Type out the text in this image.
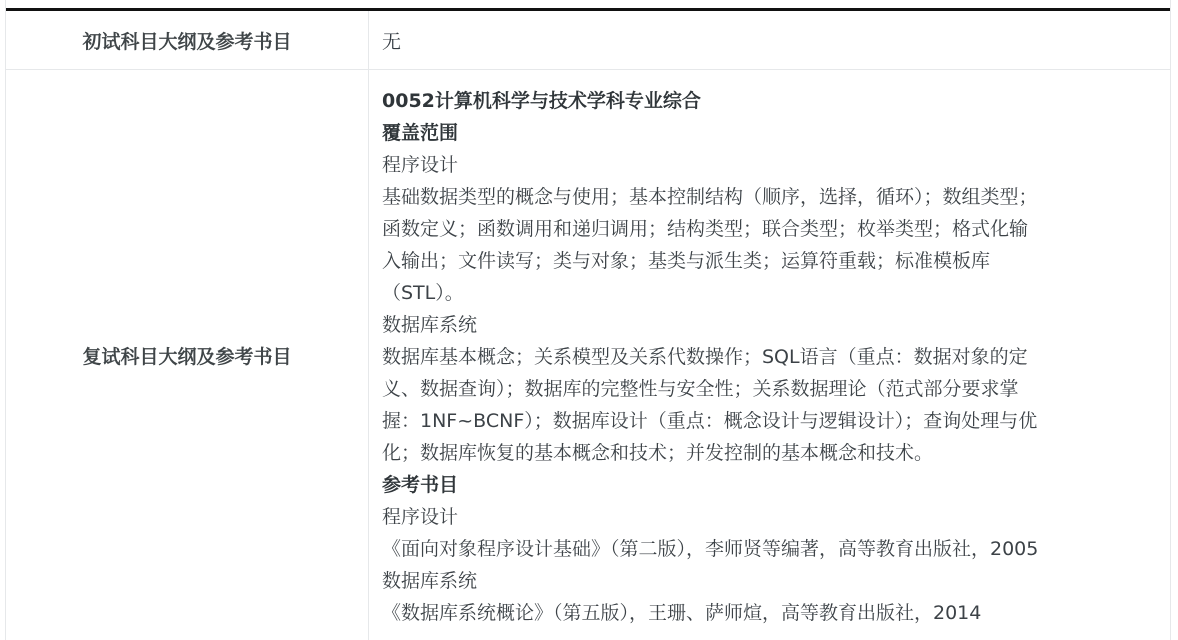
初试科目大纲及参考书目	无
复试科目大纲及参考书目
0052计算机科学与技术学科专业综合
覆盖范围
程序设计
基础数据类型的概念与使用；基本控制结构（顺序，选择，循环）；数组类型；
函数定义；函数调用和递归调用；结构类型；联合类型；枚举类型；格式化输
入输出；文件读写；类与对象；基类与派生类；运算符重载；标准模板库
（STL）。
数据库系统
数据库基本概念；关系模型及关系代数操作；SQL语言（重点：数据对象的定
义、数据查询）；数据库的完整性与安全性；关系数据理论（范式部分要求掌
握：1NF~BCNF）；数据库设计（重点：概念设计与逻辑设计）；查询处理与优
化；数据库恢复的基本概念和技术；并发控制的基本概念和技术。
参考书目
程序设计
《面向对象程序设计基础》（第二版），李师贤等编著，高等教育出版社，2005
数据库系统
《数据库系统概论》（第五版），王珊、萨师煊，高等教育出版社，2014
